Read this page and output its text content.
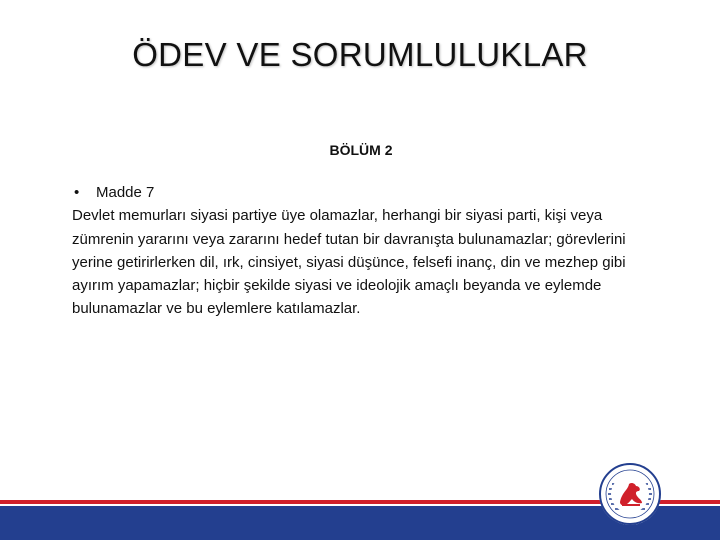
ÖDEV VE SORUMLULUKLAR
BÖLÜM 2
• Madde 7
Devlet memurları siyasi partiye üye olamazlar, herhangi bir siyasi parti, kişi veya zümrenin yararını veya zararını hedef tutan bir davranışta bulunamazlar; görevlerini yerine getirirlerken dil, ırk, cinsiyet, siyasi düşünce, felsefi inanç, din ve mezhep gibi ayırım yapamazlar; hiçbir şekilde siyasi ve ideolojik amaçlı beyanda ve eylemde bulunamazlar ve bu eylemlere katılamazlar.
